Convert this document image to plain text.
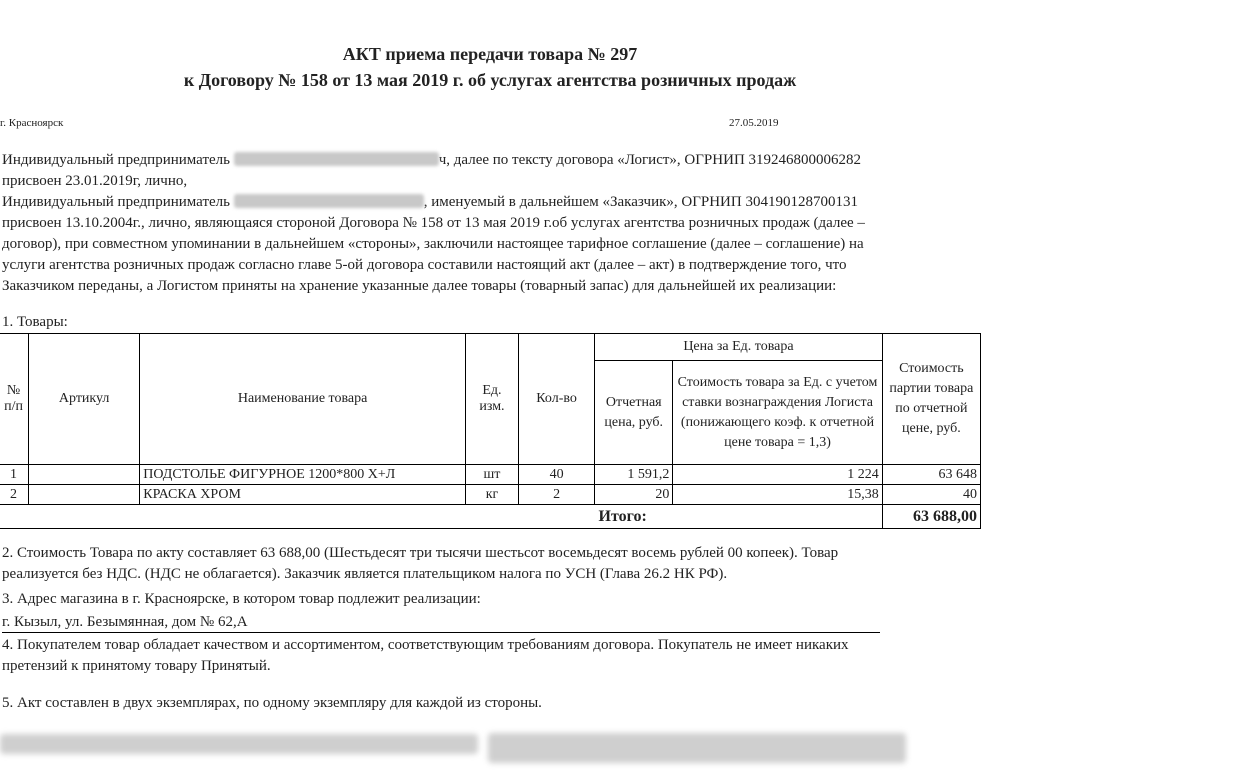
АКТ приема передачи товара № 297
к Договору № 158 от 13 мая 2019 г. об услугах агентства розничных продаж
г. Красноярск	27.05.2019
Индивидуальный предприниматель	ч, далее по тексту договора «Логист», ОГРНИП 319246800006282
присвоен 23.01.2019г, лично,
Индивидуальный предприниматель	, именуемый в дальнейшем «Заказчик», ОГРНИП 304190128700131
присвоен 13.10.2004г., лично, являющаяся стороной Договора № 158 от 13 мая 2019 г.об услугах агентства розничных продаж (далее –
договор), при совместном упоминании в дальнейшем «стороны», заключили настоящее тарифное соглашение (далее – соглашение) на
услуги агентства розничных продаж согласно главе 5-ой договора составили настоящий акт (далее – акт) в подтверждение того, что
Заказчиком переданы, а Логистом приняты на хранение указанные далее товары (товарный запас) для дальнейшей их реализации:
1. Товары:
№ п/п	Артикул	Наименование товара	Ед. изм.	Кол-во	Цена за Ед. товара		Стоимость партии товара по отчетной цене, руб.
					Отчетная цена, руб.	Стоимость товара за Ед. с учетом ставки вознаграждения Логиста (понижающего коэф. к отчетной цене товара = 1,3)	
1		ПОДСТОЛЬЕ ФИГУРНОЕ 1200*800 Х+Л	шт	40	1 591,2	1 224	63 648
2		КРАСКА ХРОМ	кг	2	20	15,38	40
Итого:							63 688,00
2. Стоимость Товара по акту составляет 63 688,00 (Шестьдесят три тысячи шестьсот восемьдесят восемь рублей 00 копеек). Товар
реализуется без НДС. (НДС не облагается). Заказчик является плательщиком налога по УСН (Глава 26.2 НК РФ).
3. Адрес магазина в г. Красноярске, в котором товар подлежит реализации:
г. Кызыл, ул. Безымянная, дом № 62,А
4. Покупателем товар обладает качеством и ассортиментом, соответствующим требованиям договора. Покупатель не имеет никаких
претензий к принятому товару Принятый.
5. Акт составлен в двух экземплярах, по одному экземпляру для каждой из стороны.
